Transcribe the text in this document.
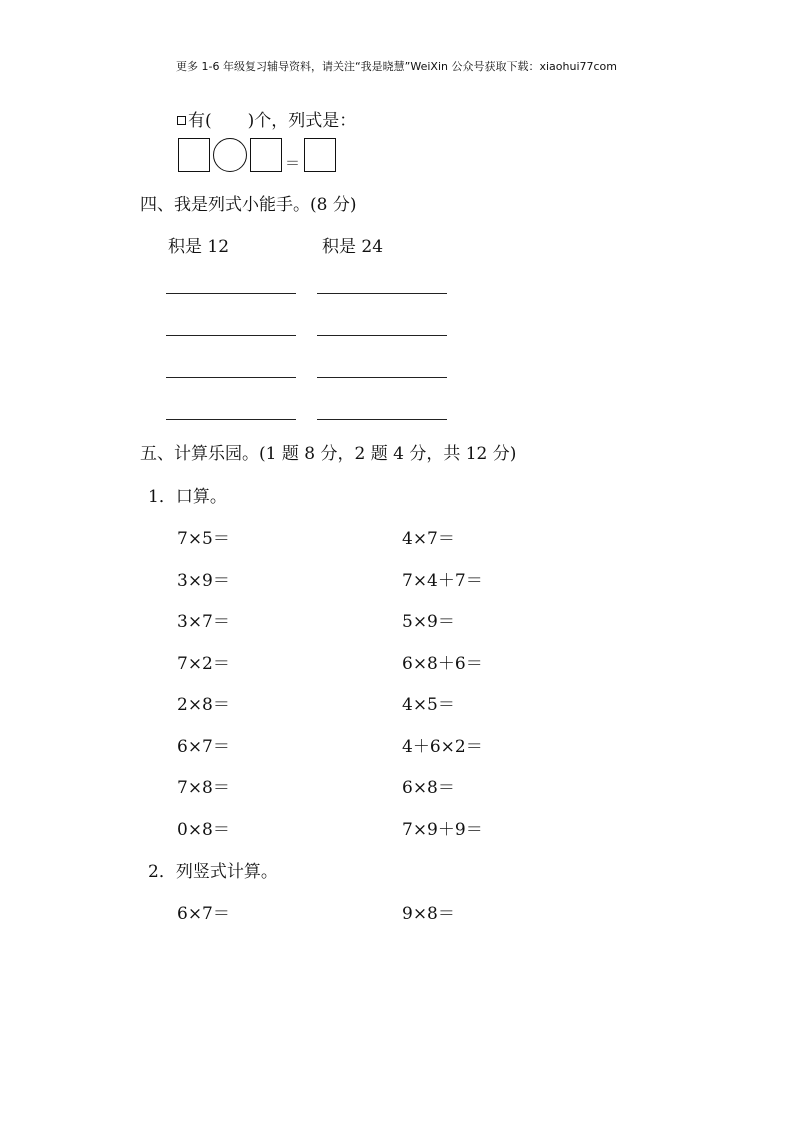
更多 1-6 年级复习辅导资料，请关注“我是晓慧”WeiXin 公众号获取下载：xiaohui77com
有( )个，列式是：
＝
四、我是列式小能手。(8 分)
积是 12	积是 24
五、计算乐园。(1 题 8 分，2 题 4 分，共 12 分)
1．口算。
7×5＝
3×9＝
3×7＝
7×2＝
2×8＝
6×7＝
7×8＝
0×8＝
4×7＝
7×4＋7＝
5×9＝
6×8＋6＝
4×5＝
4＋6×2＝
6×8＝
7×9＋9＝
2．列竖式计算。
6×7＝	9×8＝
